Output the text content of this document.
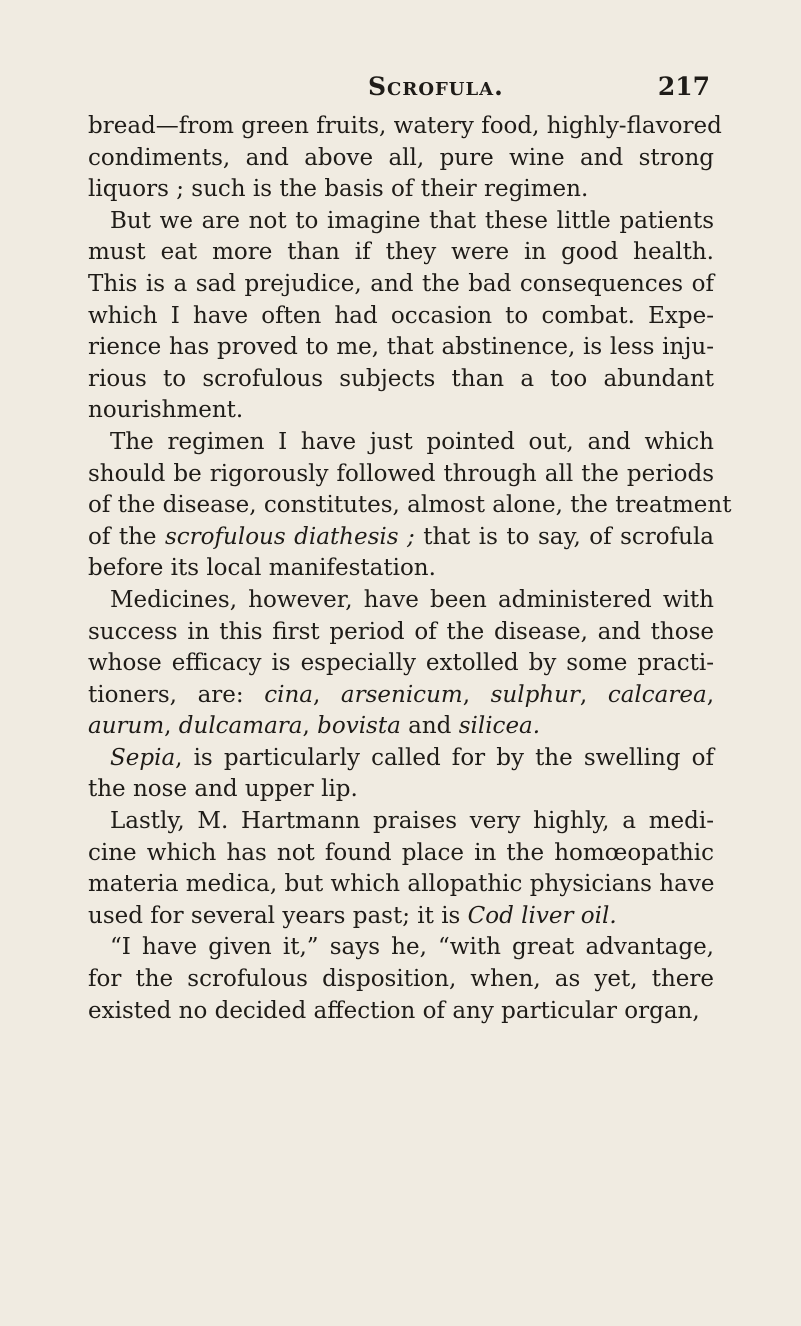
Scrofula.	217
bread—from green fruits, watery food, highly-flavored
condiments, and above all, pure wine and strong
liquors ; such is the basis of their regimen.
But we are not to imagine that these little patients
must eat more than if they were in good health.
This is a sad prejudice, and the bad consequences of
which I have often had occasion to combat. Expe-
rience has proved to me, that abstinence, is less inju-
rious to scrofulous subjects than a too abundant
nourishment.
The regimen I have just pointed out, and which
should be rigorously followed through all the periods
of the disease, constitutes, almost alone, the treatment
of the scrofulous diathesis ; that is to say, of scrofula
before its local manifestation.
Medicines, however, have been administered with
success in this first period of the disease, and those
whose efficacy is especially extolled by some practi-
tioners, are: cina, arsenicum, sulphur, calcarea,
aurum, dulcamara, bovista and silicea.
Sepia, is particularly called for by the swelling of
the nose and upper lip.
Lastly, M. Hartmann praises very highly, a medi-
cine which has not found place in the homœopathic
materia medica, but which allopathic physicians have
used for several years past; it is Cod liver oil.
“I have given it,” says he, “with great advantage,
for the scrofulous disposition, when, as yet, there
existed no decided affection of any particular organ,
